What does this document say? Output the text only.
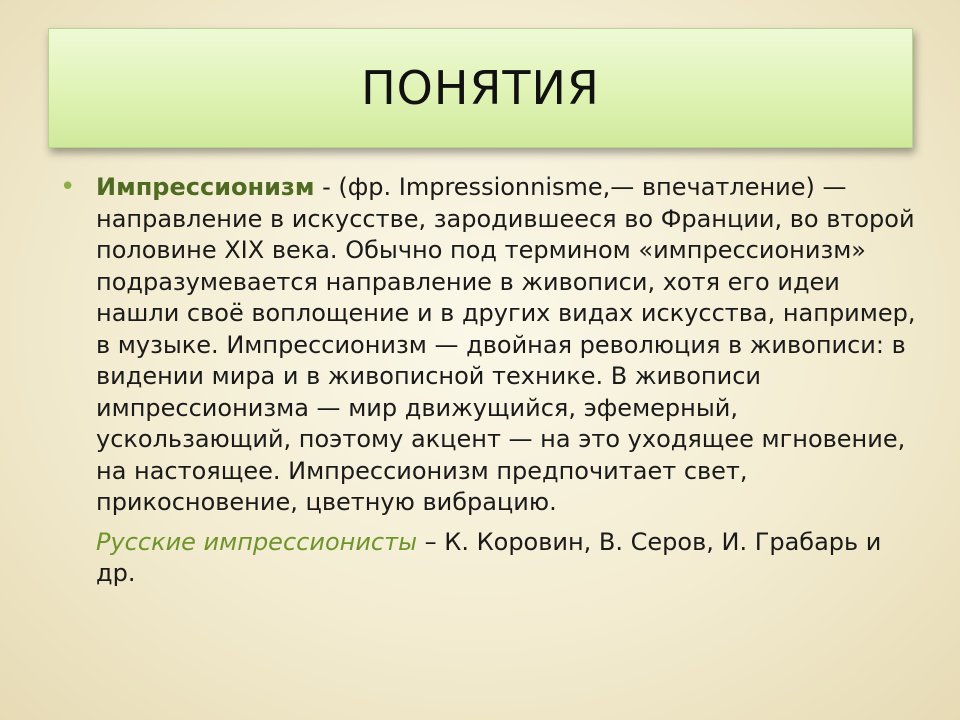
ПОНЯТИЯ
• Импрессионизм - (фр. Impressionnisme,— впечатление) — направление в искусстве, зародившееся во Франции, во второй половине XIX века. Обычно под термином «импрессионизм» подразумевается направление в живописи, хотя его идеи нашли своё воплощение и в других видах искусства, например, в музыке. Импрессионизм — двойная революция в живописи: в видении мира и в живописной технике. В живописи импрессионизма — мир движущийся, эфемерный, ускользающий, поэтому акцент — на это уходящее мгновение, на настоящее. Импрессионизм предпочитает свет, прикосновение, цветную вибрацию.

Русские импрессионисты – К. Коровин, В. Серов, И. Грабарь и др.
